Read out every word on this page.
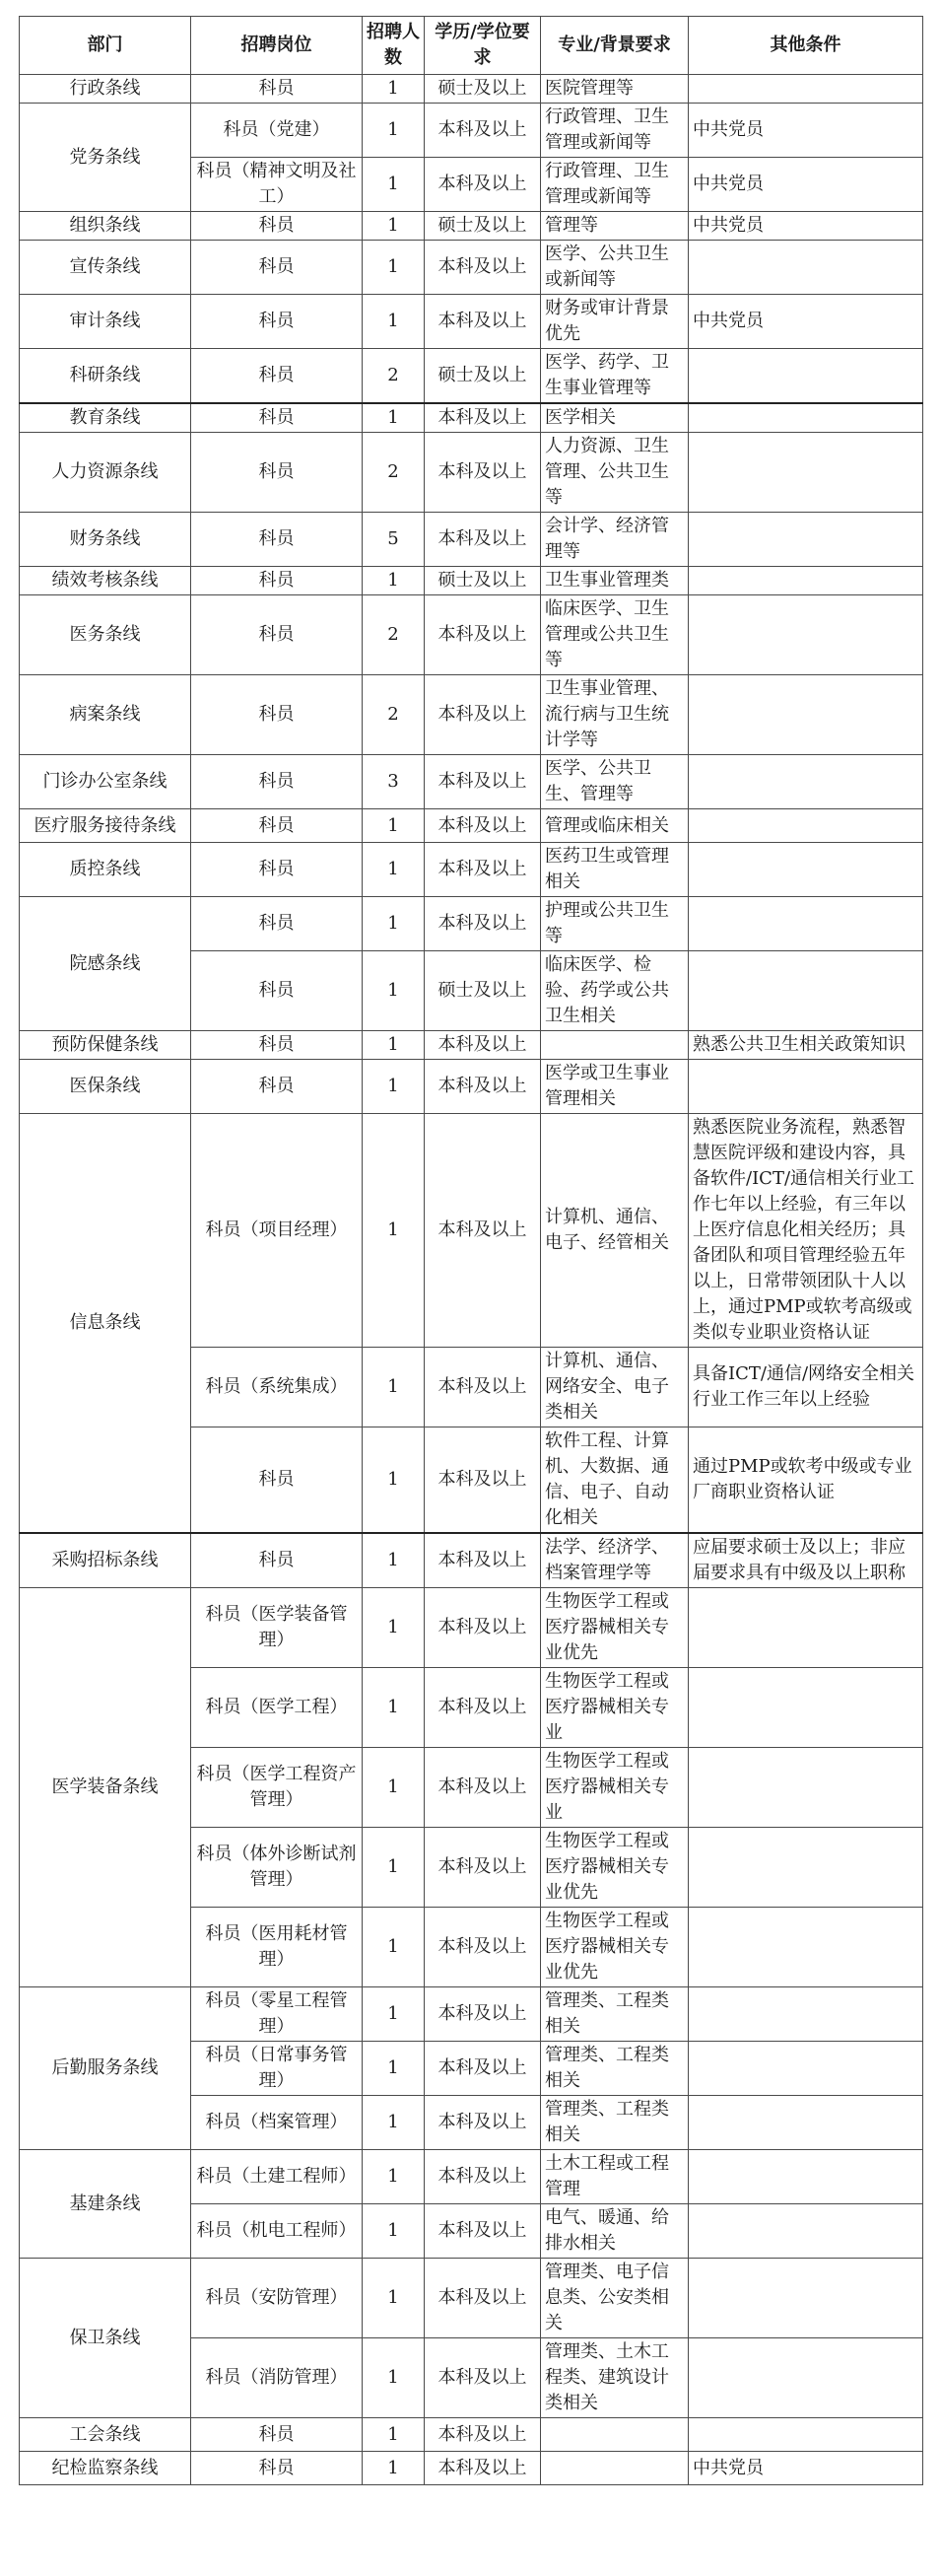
部门	招聘岗位	招聘人数	学历/学位要求	专业/背景要求	其他条件
行政条线	科员	1	硕士及以上	医院管理等	
党务条线	科员（党建）	1	本科及以上	行政管理、卫生管理或新闻等	中共党员
	科员（精神文明及社工）	1	本科及以上	行政管理、卫生管理或新闻等	中共党员
组织条线	科员	1	硕士及以上	管理等	中共党员
宣传条线	科员	1	本科及以上	医学、公共卫生或新闻等	
审计条线	科员	1	本科及以上	财务或审计背景优先	中共党员
科研条线	科员	2	硕士及以上	医学、药学、卫生事业管理等	
教育条线	科员	1	本科及以上	医学相关	
人力资源条线	科员	2	本科及以上	人力资源、卫生管理、公共卫生等	
财务条线	科员	5	本科及以上	会计学、经济管理等	
绩效考核条线	科员	1	硕士及以上	卫生事业管理类	
医务条线	科员	2	本科及以上	临床医学、卫生管理或公共卫生等	
病案条线	科员	2	本科及以上	卫生事业管理、流行病与卫生统计学等	
门诊办公室条线	科员	3	本科及以上	医学、公共卫生、管理等	
医疗服务接待条线	科员	1	本科及以上	管理或临床相关	
质控条线	科员	1	本科及以上	医药卫生或管理相关	
院感条线	科员	1	本科及以上	护理或公共卫生等	
	科员	1	硕士及以上	临床医学、检验、药学或公共卫生相关	
预防保健条线	科员	1	本科及以上		熟悉公共卫生相关政策知识
医保条线	科员	1	本科及以上	医学或卫生事业管理相关	
信息条线	科员（项目经理）	1	本科及以上	计算机、通信、电子、经管相关	熟悉医院业务流程，熟悉智慧医院评级和建设内容，具备软件/ICT/通信相关行业工作七年以上经验，有三年以上医疗信息化相关经历；具备团队和项目管理经验五年以上，日常带领团队十人以上，通过PMP或软考高级或类似专业职业资格认证
	科员（系统集成）	1	本科及以上	计算机、通信、网络安全、电子类相关	具备ICT/通信/网络安全相关行业工作三年以上经验
	科员	1	本科及以上	软件工程、计算机、大数据、通信、电子、自动化相关	通过PMP或软考中级或专业厂商职业资格认证
采购招标条线	科员	1	本科及以上	法学、经济学、档案管理学等	应届要求硕士及以上；非应届要求具有中级及以上职称
医学装备条线	科员（医学装备管理）	1	本科及以上	生物医学工程或医疗器械相关专业优先	
	科员（医学工程）	1	本科及以上	生物医学工程或医疗器械相关专业	
	科员（医学工程资产管理）	1	本科及以上	生物医学工程或医疗器械相关专业	
	科员（体外诊断试剂管理）	1	本科及以上	生物医学工程或医疗器械相关专业优先	
	科员（医用耗材管理）	1	本科及以上	生物医学工程或医疗器械相关专业优先	
后勤服务条线	科员（零星工程管理）	1	本科及以上	管理类、工程类相关	
	科员（日常事务管理）	1	本科及以上	管理类、工程类相关	
	科员（档案管理）	1	本科及以上	管理类、工程类相关	
基建条线	科员（土建工程师）	1	本科及以上	土木工程或工程管理	
	科员（机电工程师）	1	本科及以上	电气、暖通、给排水相关	
保卫条线	科员（安防管理）	1	本科及以上	管理类、电子信息类、公安类相关	
	科员（消防管理）	1	本科及以上	管理类、土木工程类、建筑设计类相关	
工会条线	科员	1	本科及以上		
纪检监察条线	科员	1	本科及以上		中共党员
